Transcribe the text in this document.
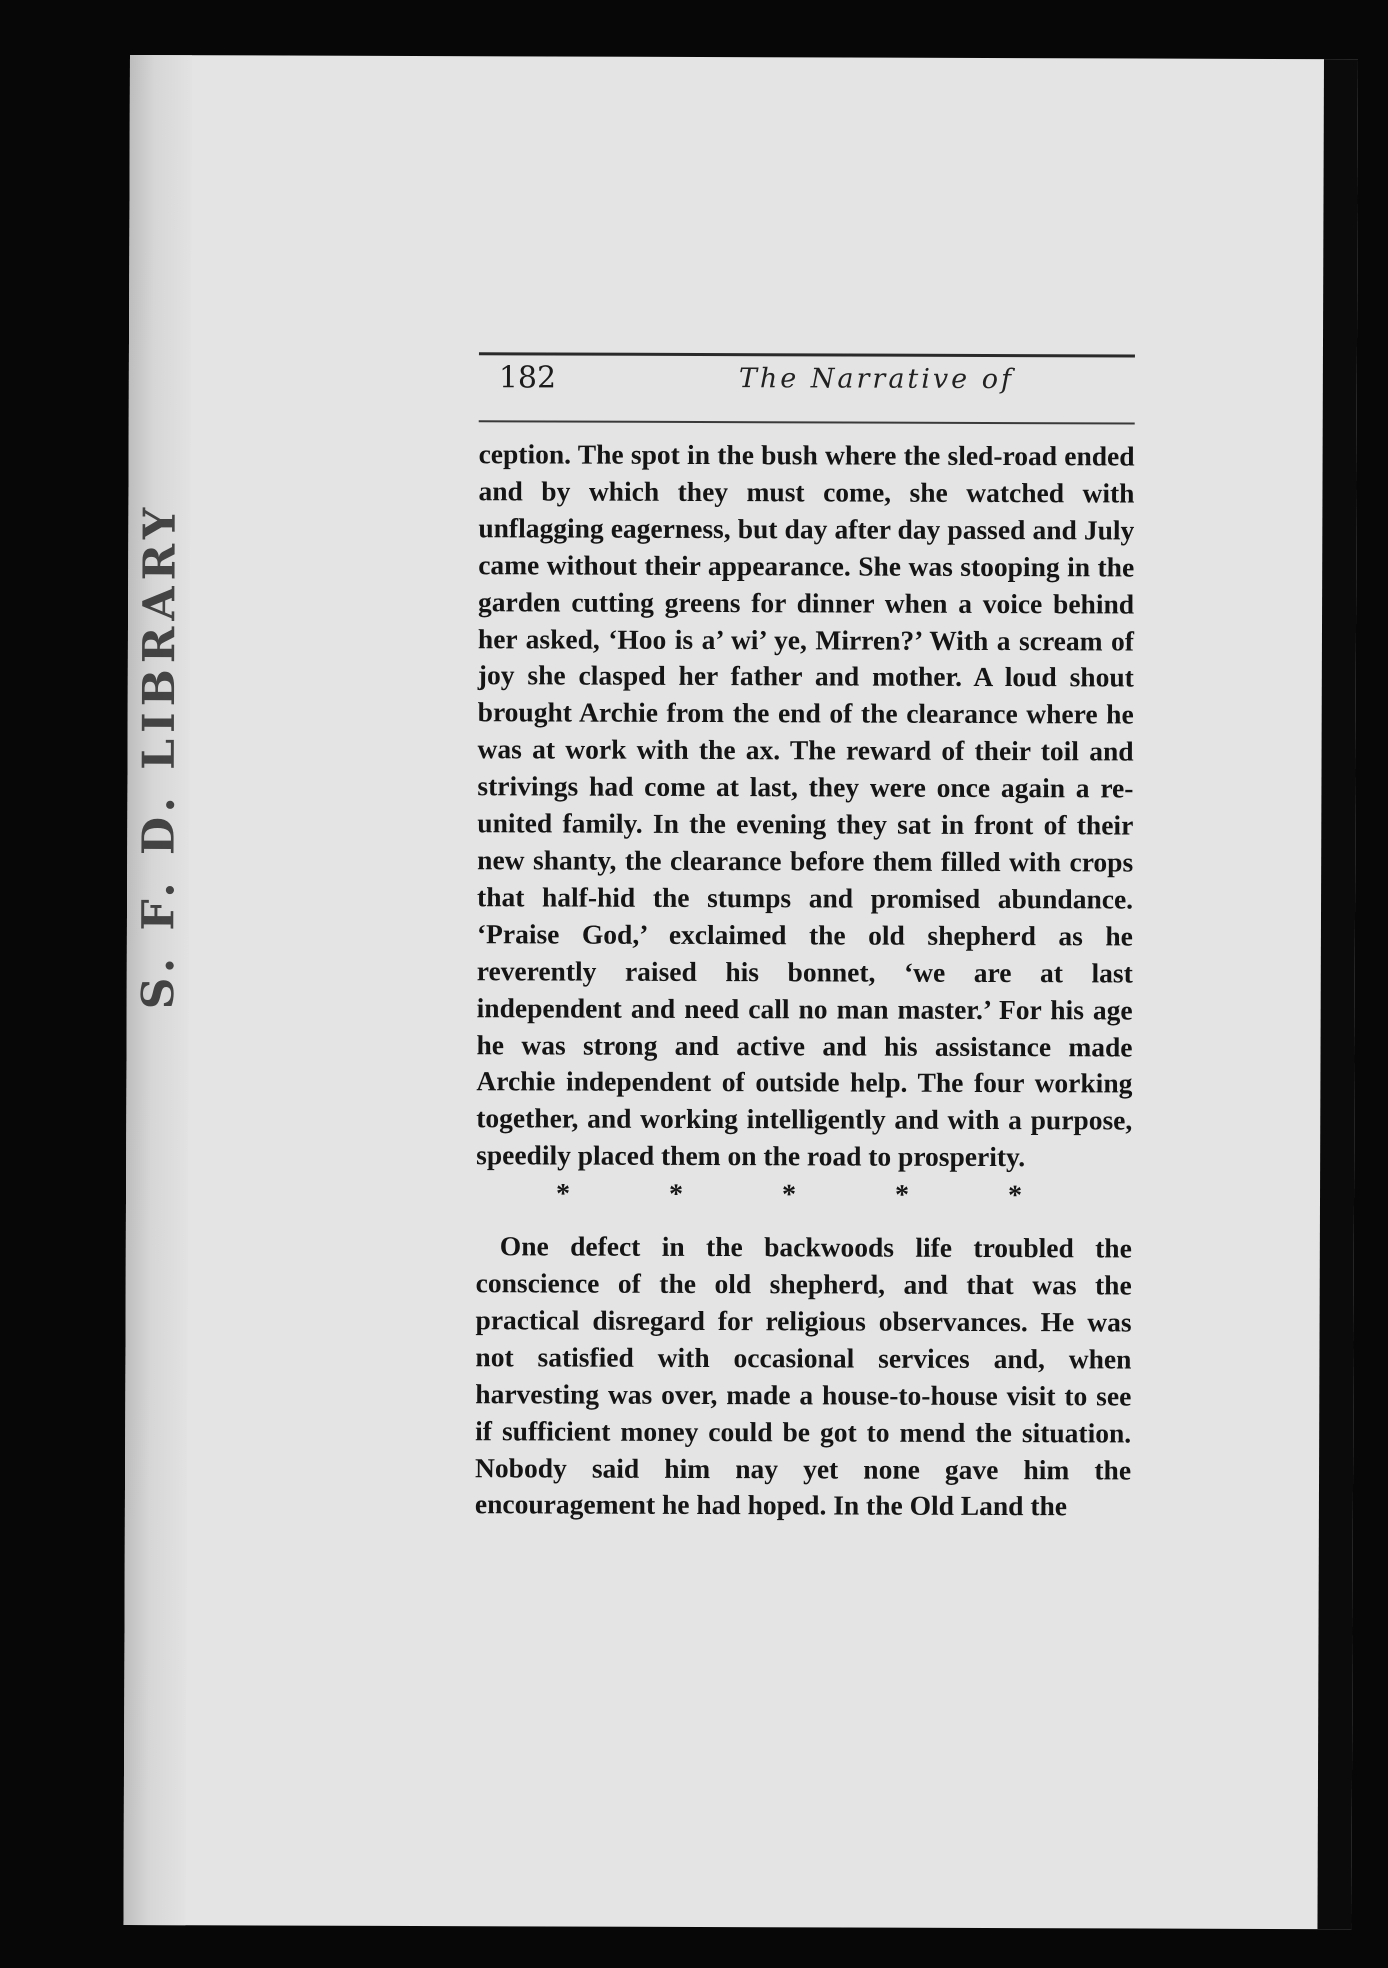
S. F. D. LIBRARY
182	The Narrative of

ception. The spot in the bush where the sled-road ended and by which they must come, she watched with unflagging eagerness, but day after day passed and July came without their appearance. She was stooping in the garden cutting greens for dinner when a voice behind her asked, ‘Hoo is a’ wi’ ye, Mirren?’ With a scream of joy she clasped her father and mother. A loud shout brought Archie from the end of the clearance where he was at work with the ax. The reward of their toil and strivings had come at last, they were once again a re-united family. In the evening they sat in front of their new shanty, the clearance before them filled with crops that half-hid the stumps and promised abundance. ‘Praise God,’ exclaimed the old shepherd as he reverently raised his bonnet, ‘we are at last independent and need call no man master.’ For his age he was strong and active and his assistance made Archie independent of outside help. The four working together, and working intelligently and with a purpose, speedily placed them on the road to prosperity.

*	*	*	*	*

One defect in the backwoods life troubled the conscience of the old shepherd, and that was the practical disregard for religious observances. He was not satisfied with occasional services and, when harvesting was over, made a house-to-house visit to see if sufficient money could be got to mend the situation. Nobody said him nay yet none gave him the encouragement he had hoped. In the Old Land the
